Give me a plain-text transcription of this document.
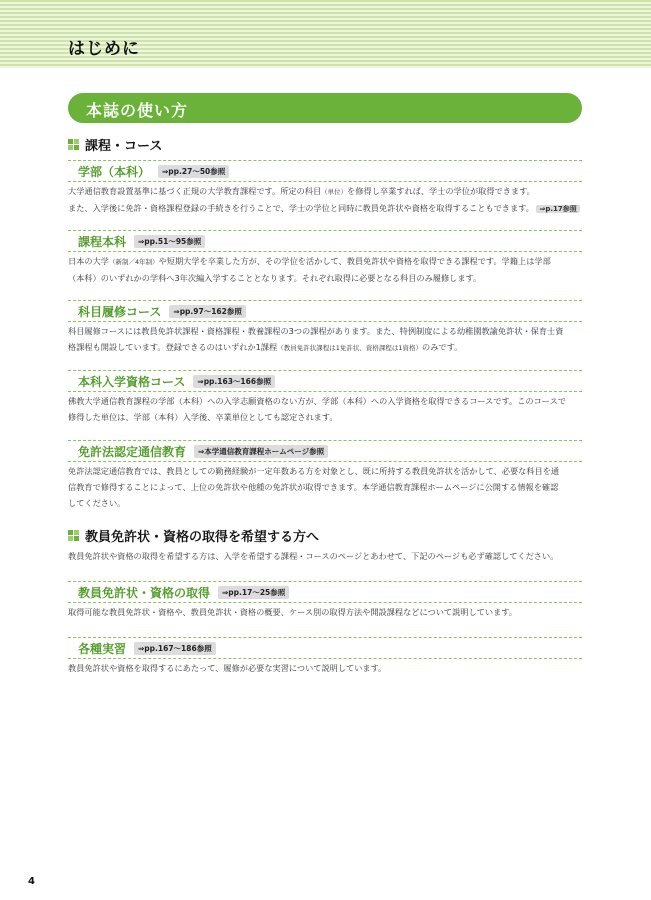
はじめに
本誌の使い方
課程・コース
学部（本科）	⇒pp.27〜50参照
大学通信教育設置基準に基づく正規の大学教育課程です。所定の科目（単位）を修得し卒業すれば、学士の学位が取得できます。
また、入学後に免許・資格課程登録の手続きを行うことで、学士の学位と同時に教員免許状や資格を取得することもできます。 ⇒p.17参照
課程本科	⇒pp.51〜95参照
日本の大学（新制／4年制）や短期大学を卒業した方が、その学位を活かして、教員免許状や資格を取得できる課程です。学籍上は学部
（本科）のいずれかの学科へ3年次編入学することとなります。それぞれ取得に必要となる科目のみ履修します。
科目履修コース	⇒pp.97〜162参照
科目履修コースには教員免許状課程・資格課程・教養課程の3つの課程があります。また、特例制度による幼稚園教諭免許状・保育士資
格課程も開設しています。登録できるのはいずれか1課程（教員免許状課程は1免許状、資格課程は1資格）のみです。
本科入学資格コース	⇒pp.163〜166参照
佛教大学通信教育課程の学部（本科）への入学志願資格のない方が、学部（本科）への入学資格を取得できるコースです。このコースで
修得した単位は、学部（本科）入学後、卒業単位としても認定されます。
免許法認定通信教育	⇒本学通信教育課程ホームページ参照
免許法認定通信教育では、教員としての勤務経験が一定年数ある方を対象とし、既に所持する教員免許状を活かして、必要な科目を通
信教育で修得することによって、上位の免許状や他種の免許状が取得できます。本学通信教育課程ホームページに公開する情報を確認
してください。
教員免許状・資格の取得を希望する方へ
教員免許状や資格の取得を希望する方は、入学を希望する課程・コースのページとあわせて、下記のページも必ず確認してください。
教員免許状・資格の取得	⇒pp.17〜25参照
取得可能な教員免許状・資格や、教員免許状・資格の概要、ケース別の取得方法や開設課程などについて説明しています。
各種実習	⇒pp.167〜186参照
教員免許状や資格を取得するにあたって、履修が必要な実習について説明しています。
4
